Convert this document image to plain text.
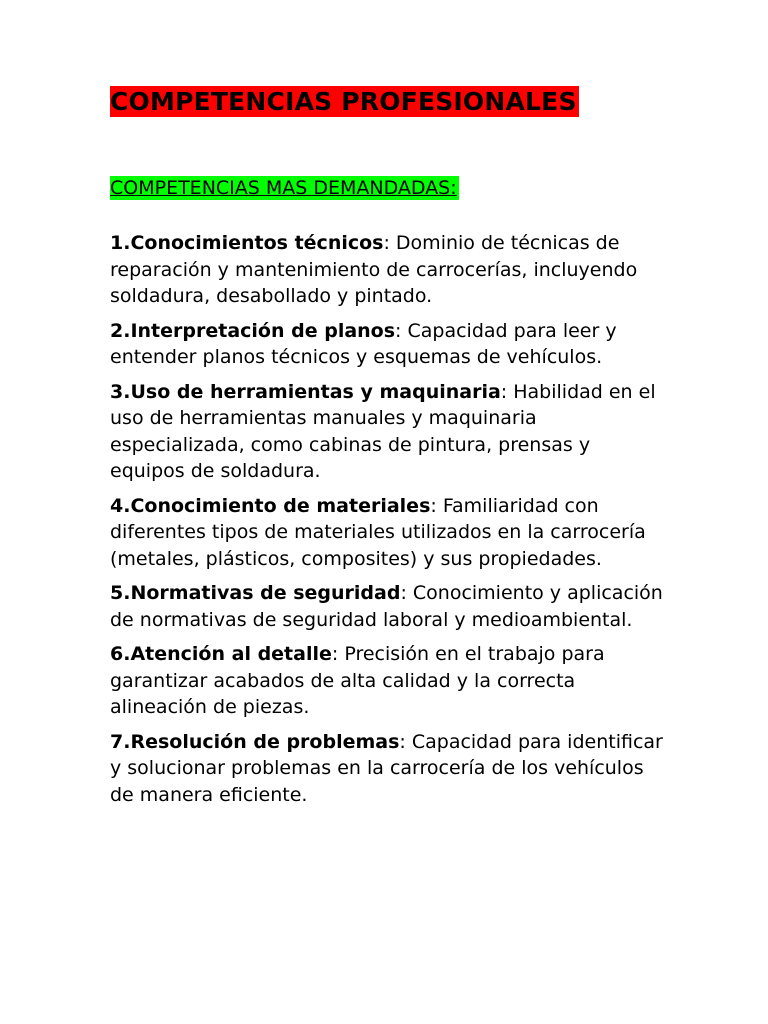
COMPETENCIAS PROFESIONALES
COMPETENCIAS MAS DEMANDADAS:

1.Conocimientos técnicos: Dominio de técnicas de reparación y mantenimiento de carrocerías, incluyendo soldadura, desabollado y pintado.

2.Interpretación de planos: Capacidad para leer y entender planos técnicos y esquemas de vehículos.

3.Uso de herramientas y maquinaria: Habilidad en el uso de herramientas manuales y maquinaria especializada, como cabinas de pintura, prensas y equipos de soldadura.

4.Conocimiento de materiales: Familiaridad con diferentes tipos de materiales utilizados en la carrocería (metales, plásticos, composites) y sus propiedades.

5.Normativas de seguridad: Conocimiento y aplicación de normativas de seguridad laboral y medioambiental.

6.Atención al detalle: Precisión en el trabajo para garantizar acabados de alta calidad y la correcta alineación de piezas.

7.Resolución de problemas: Capacidad para identificar y solucionar problemas en la carrocería de los vehículos de manera eficiente.
